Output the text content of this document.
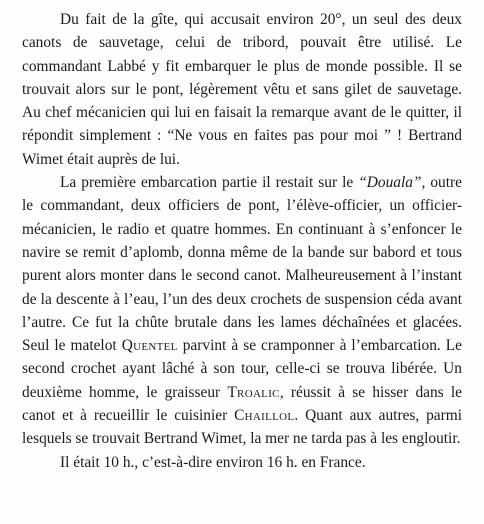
Du fait de la gîte, qui accusait environ 20°, un seul des deux canots de sauvetage, celui de tribord, pouvait être utilisé. Le commandant Labbé y fit embarquer le plus de monde possible. Il se trouvait alors sur le pont, légèrement vêtu et sans gilet de sauvetage. Au chef mécanicien qui lui en faisait la remarque avant de le quitter, il répondit simplement : “Ne vous en faites pas pour moi ” ! Bertrand Wimet était auprès de lui.

La première embarcation partie il restait sur le “Douala”, outre le commandant, deux officiers de pont, l’élève-officier, un officier-mécanicien, le radio et quatre hommes. En continuant à s’enfoncer le navire se remit d’aplomb, donna même de la bande sur babord et tous purent alors monter dans le second canot. Malheureusement à l’instant de la descente à l’eau, l’un des deux crochets de suspension céda avant l’autre. Ce fut la chûte brutale dans les lames déchaînées et glacées. Seul le matelot Quentel parvint à se cramponner à l’embarcation. Le second crochet ayant lâché à son tour, celle-ci se trouva libérée. Un deuxième homme, le graisseur Troalic, réussit à se hisser dans le canot et à recueillir le cuisinier Chaillol. Quant aux autres, parmi lesquels se trouvait Bertrand Wimet, la mer ne tarda pas à les engloutir.

Il était 10 h., c’est-à-dire environ 16 h. en France.
